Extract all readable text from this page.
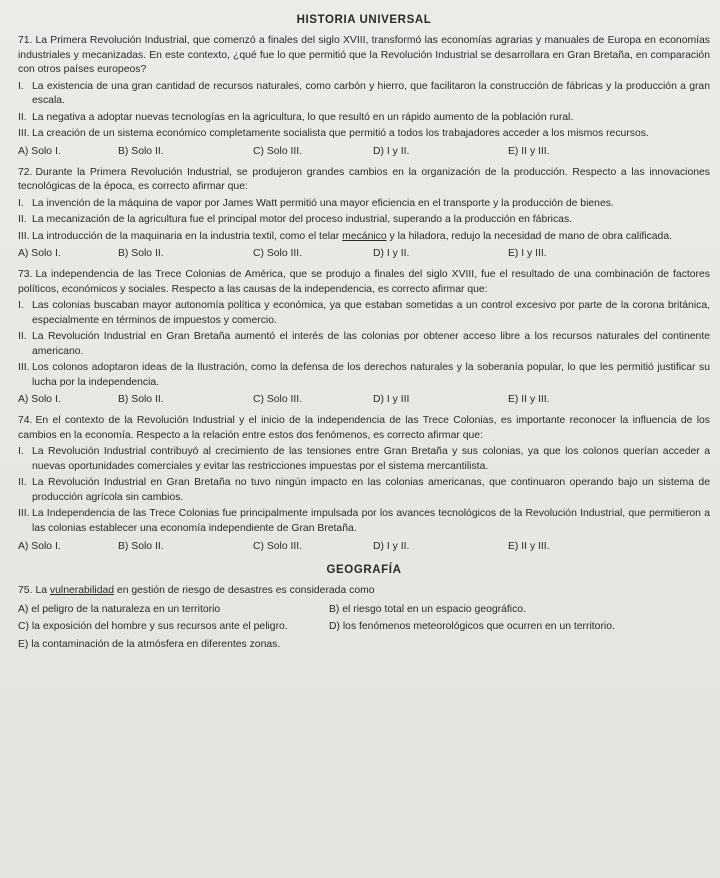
HISTORIA UNIVERSAL
71. La Primera Revolución Industrial, que comenzó a finales del siglo XVIII, transformó las economías agrarias y manuales de Europa en economías industriales y mecanizadas. En este contexto, ¿qué fue lo que permitió que la Revolución Industrial se desarrollara en Gran Bretaña, en comparación con otros países europeos?
I. La existencia de una gran cantidad de recursos naturales, como carbón y hierro, que facilitaron la construcción de fábricas y la producción a gran escala.
II. La negativa a adoptar nuevas tecnologías en la agricultura, lo que resultó en un rápido aumento de la población rural.
III. La creación de un sistema económico completamente socialista que permitió a todos los trabajadores acceder a los mismos recursos.
A) Solo I.	B) Solo II.	C) Solo III.	D) I y II.	E) II y III.
72. Durante la Primera Revolución Industrial, se produjeron grandes cambios en la organización de la producción. Respecto a las innovaciones tecnológicas de la época, es correcto afirmar que:
I. La invención de la máquina de vapor por James Watt permitió una mayor eficiencia en el transporte y la producción de bienes.
II. La mecanización de la agricultura fue el principal motor del proceso industrial, superando a la producción en fábricas.
III. La introducción de la maquinaria en la industria textil, como el telar mecánico y la hiladora, redujo la necesidad de mano de obra calificada.
A) Solo I.	B) Solo II.	C) Solo III.	D) I y II.	E) I y III.
73. La independencia de las Trece Colonias de América, que se produjo a finales del siglo XVIII, fue el resultado de una combinación de factores políticos, económicos y sociales. Respecto a las causas de la independencia, es correcto afirmar que:
I. Las colonias buscaban mayor autonomía política y económica, ya que estaban sometidas a un control excesivo por parte de la corona británica, especialmente en términos de impuestos y comercio.
II. La Revolución Industrial en Gran Bretaña aumentó el interés de las colonias por obtener acceso libre a los recursos naturales del continente americano.
III. Los colonos adoptaron ideas de la Ilustración, como la defensa de los derechos naturales y la soberanía popular, lo que les permitió justificar su lucha por la independencia.
A) Solo I.	B) Solo II.	C) Solo III.	D) I y III	E) II y III.
74. En el contexto de la Revolución Industrial y el inicio de la independencia de las Trece Colonias, es importante reconocer la influencia de los cambios en la economía. Respecto a la relación entre estos dos fenómenos, es correcto afirmar que:
I. La Revolución Industrial contribuyó al crecimiento de las tensiones entre Gran Bretaña y sus colonias, ya que los colonos querían acceder a nuevas oportunidades comerciales y evitar las restricciones impuestas por el sistema mercantilista.
II. La Revolución Industrial en Gran Bretaña no tuvo ningún impacto en las colonias americanas, que continuaron operando bajo un sistema de producción agrícola sin cambios.
III. La Independencia de las Trece Colonias fue principalmente impulsada por los avances tecnológicos de la Revolución Industrial, que permitieron a las colonias establecer una economía independiente de Gran Bretaña.
A) Solo I.	B) Solo II.	C) Solo III.	D) I y II.	E) II y III.
GEOGRAFÍA
75. La vulnerabilidad en gestión de riesgo de desastres es considerada como
A) el peligro de la naturaleza en un territorio	B) el riesgo total en un espacio geográfico.
C) la exposición del hombre y sus recursos ante el peligro.	D) los fenómenos meteorológicos que ocurren en un territorio.
E) la contaminación de la atmósfera en diferentes zonas.
